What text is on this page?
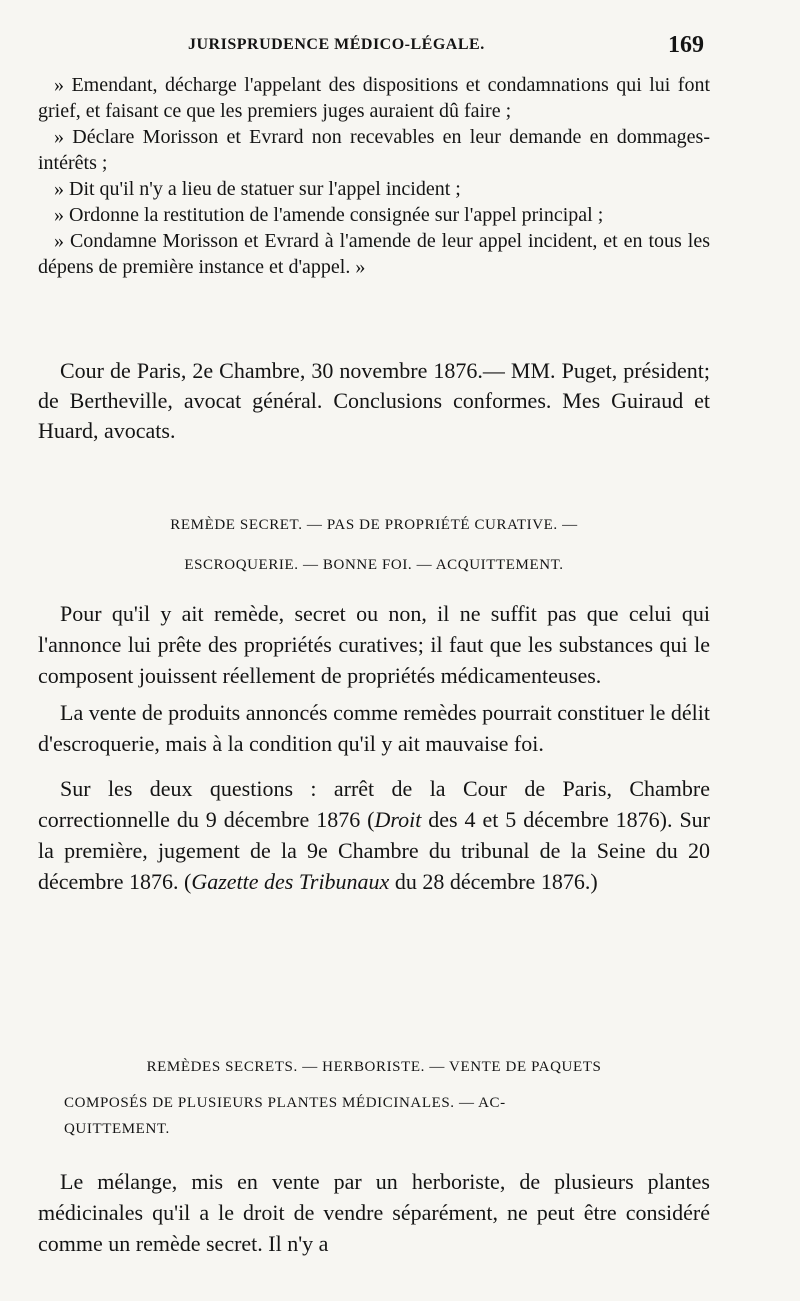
JURISPRUDENCE MÉDICO-LÉGALE.	169

» Emendant, décharge l'appelant des dispositions et condamnations qui lui font grief, et faisant ce que les premiers juges auraient dû faire ;

» Déclare Morisson et Evrard non recevables en leur demande en dommages-intérêts ;

» Dit qu'il n'y a lieu de statuer sur l'appel incident ;

» Ordonne la restitution de l'amende consignée sur l'appel principal ;

» Condamne Morisson et Evrard à l'amende de leur appel incident, et en tous les dépens de première instance et d'appel. »

Cour de Paris, 2e Chambre, 30 novembre 1876.— MM. Puget, président; de Bertheville, avocat général. Conclusions conformes. Mes Guiraud et Huard, avocats.

REMÈDE SECRET. — PAS DE PROPRIÉTÉ CURATIVE. —

ESCROQUERIE. — BONNE FOI. — ACQUITTEMENT.

Pour qu'il y ait remède, secret ou non, il ne suffit pas que celui qui l'annonce lui prête des propriétés curatives; il faut que les substances qui le composent jouissent réellement de propriétés médicamenteuses.

La vente de produits annoncés comme remèdes pourrait constituer le délit d'escroquerie, mais à la condition qu'il y ait mauvaise foi.

Sur les deux questions : arrêt de la Cour de Paris, Chambre correctionnelle du 9 décembre 1876 (Droit des 4 et 5 décembre 1876). Sur la première, jugement de la 9e Chambre du tribunal de la Seine du 20 décembre 1876. (Gazette des Tribunaux du 28 décembre 1876.)

REMÈDES SECRETS. — HERBORISTE. — VENTE DE PAQUETS

COMPOSÉS DE PLUSIEURS PLANTES MÉDICINALES. — AC-

QUITTEMENT.

Le mélange, mis en vente par un herboriste, de plusieurs plantes médicinales qu'il a le droit de vendre séparément, ne peut être considéré comme un remède secret. Il n'y a
